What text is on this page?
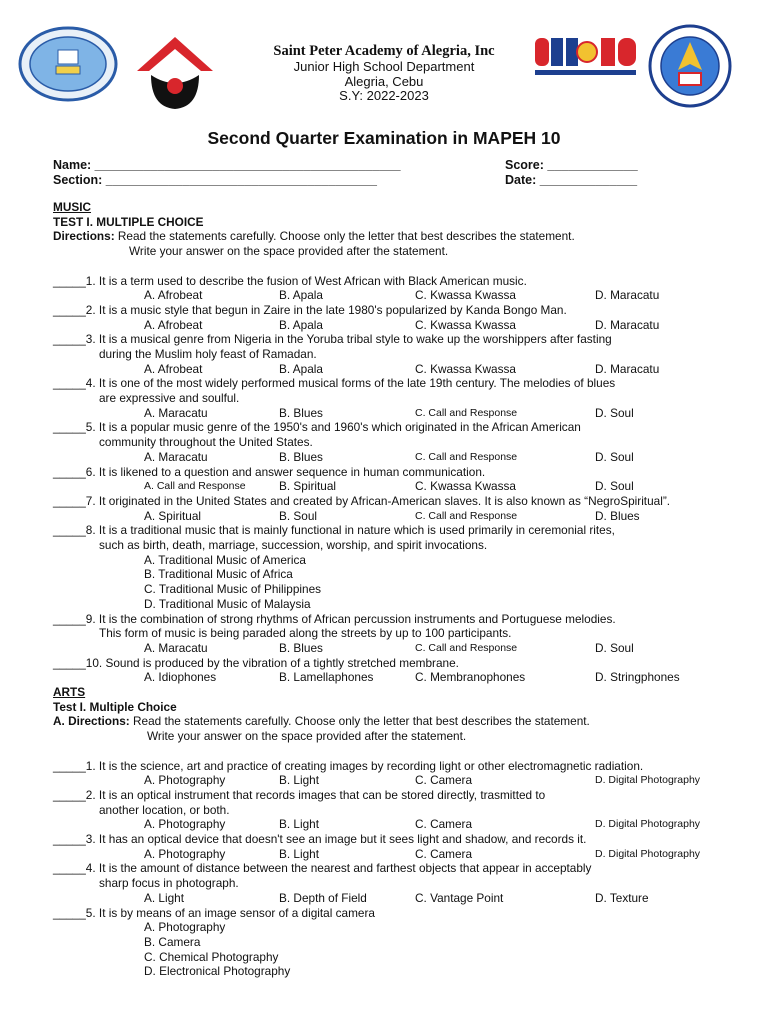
Saint Peter Academy of Alegria, Inc
Junior High School Department
Alegria, Cebu
S.Y: 2022-2023
Second Quarter Examination in MAPEH 10
Name: ____________________________________________
Section: _______________________________________
Score: _____________
Date: ______________
MUSIC
TEST I. MULTIPLE CHOICE
Directions: Read the statements carefully. Choose only the letter that best describes the statement.
Write your answer on the space provided after the statement.
_____1. It is a term used to describe the fusion of West African with Black American music.
A. Afrobeat	B. Apala	C. Kwassa Kwassa	D. Maracatu
_____2. It is a music style that begun in Zaire in the late 1980's popularized by Kanda Bongo Man.
A. Afrobeat	B. Apala	C. Kwassa Kwassa	D. Maracatu
_____3. It is a musical genre from Nigeria in the Yoruba tribal style to wake up the worshippers after fasting
during the Muslim holy feast of Ramadan.
A. Afrobeat	B. Apala	C. Kwassa Kwassa	D. Maracatu
_____4. It is one of the most widely performed musical forms of the late 19th century. The melodies of blues
are expressive and soulful.
A. Maracatu	B. Blues	C. Call and Response	D. Soul
_____5. It is a popular music genre of the 1950's and 1960's which originated in the African American
community throughout the United States.
A. Maracatu	B. Blues	C. Call and Response	D. Soul
_____6. It is likened to a question and answer sequence in human communication.
A. Call and Response	B. Spiritual	C. Kwassa Kwassa	D. Soul
_____7. It originated in the United States and created by African-American slaves. It is also known as “NegroSpiritual”.
A. Spiritual	B. Soul	C. Call and Response	D. Blues
_____8. It is a traditional music that is mainly functional in nature which is used primarily in ceremonial rites,
such as birth, death, marriage, succession, worship, and spirit invocations.
A. Traditional Music of America
B. Traditional Music of Africa
C. Traditional Music of Philippines
D. Traditional Music of Malaysia
_____9. It is the combination of strong rhythms of African percussion instruments and Portuguese melodies.
This form of music is being paraded along the streets by up to 100 participants.
A. Maracatu	B. Blues	C. Call and Response	D. Soul
_____10. Sound is produced by the vibration of a tightly stretched membrane.
A. Idiophones	B. Lamellaphones	C. Membranophones	D. Stringphones
ARTS
Test I. Multiple Choice
A. Directions: Read the statements carefully. Choose only the letter that best describes the statement.
Write your answer on the space provided after the statement.
_____1. It is the science, art and practice of creating images by recording light or other electromagnetic radiation.
A. Photography	B. Light	C. Camera	D. Digital Photography
_____2. It is an optical instrument that records images that can be stored directly, trasmitted to
another location, or both.
A. Photography	B. Light	C. Camera	D. Digital Photography
_____3. It has an optical device that doesn't see an image but it sees light and shadow, and records it.
A. Photography	B. Light	C. Camera	D. Digital Photography
_____4. It is the amount of distance between the nearest and farthest objects that appear in acceptably
sharp focus in photograph.
A. Light	B. Depth of Field	C. Vantage Point	D. Texture
_____5. It is by means of an image sensor of a digital camera
A. Photography
B. Camera
C. Chemical Photography
D. Electronical Photography
